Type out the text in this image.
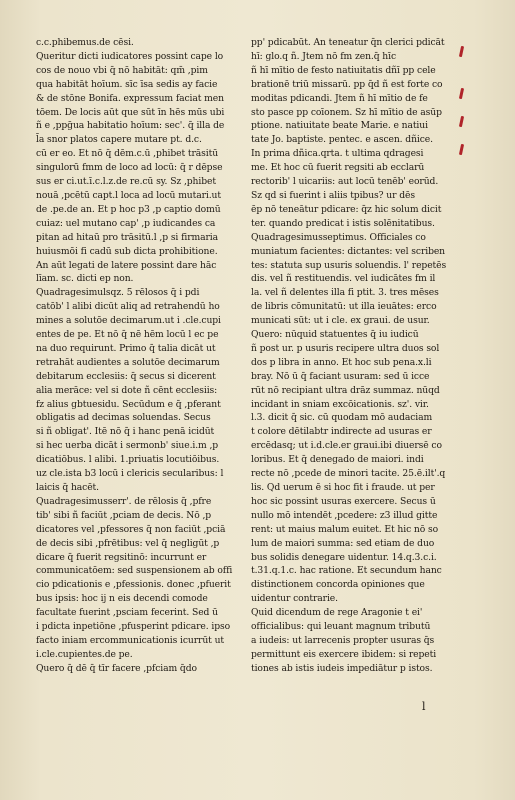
c.c.phibemus.de cēsi.
Queritur dicti iudicatores possint cape lo
cos de nouo vbi q̄ nō habitāt: qm̄ ,pim
qua habitāt hoīum. sīc īsa sedis ay facie
& de stōne Bonifa. expressum faciat men
tōem. De locis aūt que sūt īn hēs mūs ubi
ñ e ,ppḡua habitatio hoīum: sec'. q̄ illa de
l̄a snor platos capere mutare pt. d.c.
cū er eo. Et nō q̄ dēm.c.ū ,phibet trāsitū
singulorū fmm de loco ad locū: q̄ r dēpse
sus er ci.ut.ī.c.l.z.de re.cū sy. Sz ,phibet
nouā ,pcētū capt.l loca ad locū mutari.ut
de .pe.de an. Et p hoc p3 ,p captio domū
cuiaz: uel mutano cap' ,p iudicandes ca
pitan ad hitaū pro trāsitū.l ,p si firmaria
huiusmōi fi cadū sub dicta prohibitione.
An aūt legati de latere possint dare hāc
līam. sc. dicti ep non.
Quadragesimulsqz. 5 rēlosos q̄ i pdi
catōb' l alibi dicūt aliq ad retrahendū ho
mines a solutōe decimarum.ut i .cle.cupi
entes de pe. Et nō q̄ nē hēm locū l ec pe
na duo requirunt. Primo q̄ talia dicāt ut
retrahāt audientes a solutōe decimarum
debitarum ecclesiis: q̄ secus si dicerent
alia merāce: vel si dote ñ cēnt ecclesiis:
fz alius gbtuesidu. Secūdum e q̄ ,pferant
obligatis ad decimas soluendas. Secus
si ñ obligat'. Itē nō q̄ i hanc penā icidūt
si hec uerba dicāt i sermonb' siue.i.m ,p
dicatiōbus. l alibi. 1.priuatis locutiōibus.
uz cle.ista b3 locū i clericis secularibus: l
laicis q̄ hacēt.
Quadragesimusserr'. de rēlosis q̄ ,pfre
tib' sibi ñ faciūt ,pciam de decis. Nō ,p
dicatores vel ,pfessores q̄ non faciūt ,pciā
de decis sibi ,pfrētibus: vel q̄ negligūt ,p
dicare q̄ fuerit regsitinō: incurrunt er
communicatōem: sed suspensionem ab offi
cio pdicationis e ,pfessionis. donec ,pfuerit
bus ipsis: hoc ij n eis decendi comode
facultate fuerint ,psciam fecerint. Sed ū
i pdicta inpetiōne ,pfusperint pdicare. ipso
facto iniam ercommunicationis icurrūt ut
i.cle.cupientes.de pe.
Quero q̄ dē q̄ tīr facere ,pfciam q̄do
pp' pdicabūt. An teneatur q̄n clerici pdicāt
hī: glo.q ñ. Jtem nō fm zen.q̄ hīc
ñ hī mītio de festo natiuitatis dñī pp cele
brationē triū missarū. pp q̄d ñ est forte co
moditas pdicandi. Jtem ñ hī mītio de fe
sto pasce pp coīonem. Sz hī mītio de asūp
ptione. natiuitate beate Marie. e natiui
tate Jo. baptiste. pentec. e ascen. dñice.
In prima dñica.qrta. t ultima qdragesi
me. Et hoc cū fuerit regsiti ab ecclarū
rectorib' l uicariis: aut locū tenēb' eorūd.
Sz qd si fuerint i aliis tpibus? ur dēs
ēp nō teneātur pdicare: q̄z hic solum dicit
ter. quando predicat i istis solēnitatibus.
Quadragesimusseptimus. Officiales co
muniatum facientes: dictantes: vel scriben
tes: statuta sup usuris soluendis. l' repetēs
dis. vel ñ restituendis. vel iudicātes fm il
la. vel ñ delentes illa fi ptit. 3. tres mēses
de libris cōmunitatū: ut illa ieuātes: erco
municati sūt: ut i cle. ex graui. de usur.
Quero: nūquid statuentes q̄ iu iudicū
ñ post ur. p usuris recipere ultra duos sol
dos p libra in anno. Et hoc sub pena.x.li
bray. Nō ū q̄ faciant usuram: sed ū icce
rūt nō recipiant ultra drāz summaz. nūqd
incidant in sniam excōicationis. sz'. vir.
l.3. dicit q̄ sic. cū quodam mō audaciam
t colore dētilabtr indirecte ad usuras er
ercēdasq; ut i.d.cle.er graui.ibi diuersē co
loribus. Et q̄ denegado de maiori. indi
recte nō ,pcede de minori tacite. 25.ē.ilt'.q
lis. Qd uerum ē si hoc fit i fraude. ut per
hoc sic possint usuras exercere. Secus ū
nullo mō intendēt ,pcedere: z3 illud gitte
rent: ut maius malum euitet. Et hic nō so
lum de maiori summa: sed etiam de duo
bus solidis denegare uidentur. 14.q.3.c.i.
t.31.q.1.c. hac ratione. Et secundum hanc
distinctionem concorda opiniones que
uidentur contrarie.
Quid dicendum de rege Aragonie t ei'
officialibus: qui leuant magnum tributū
a iudeis: ut larrecenis propter usuras q̄s
permittunt eis exercere ibidem: si repeti
tiones ab istis iudeis impediātur p istos.
l
